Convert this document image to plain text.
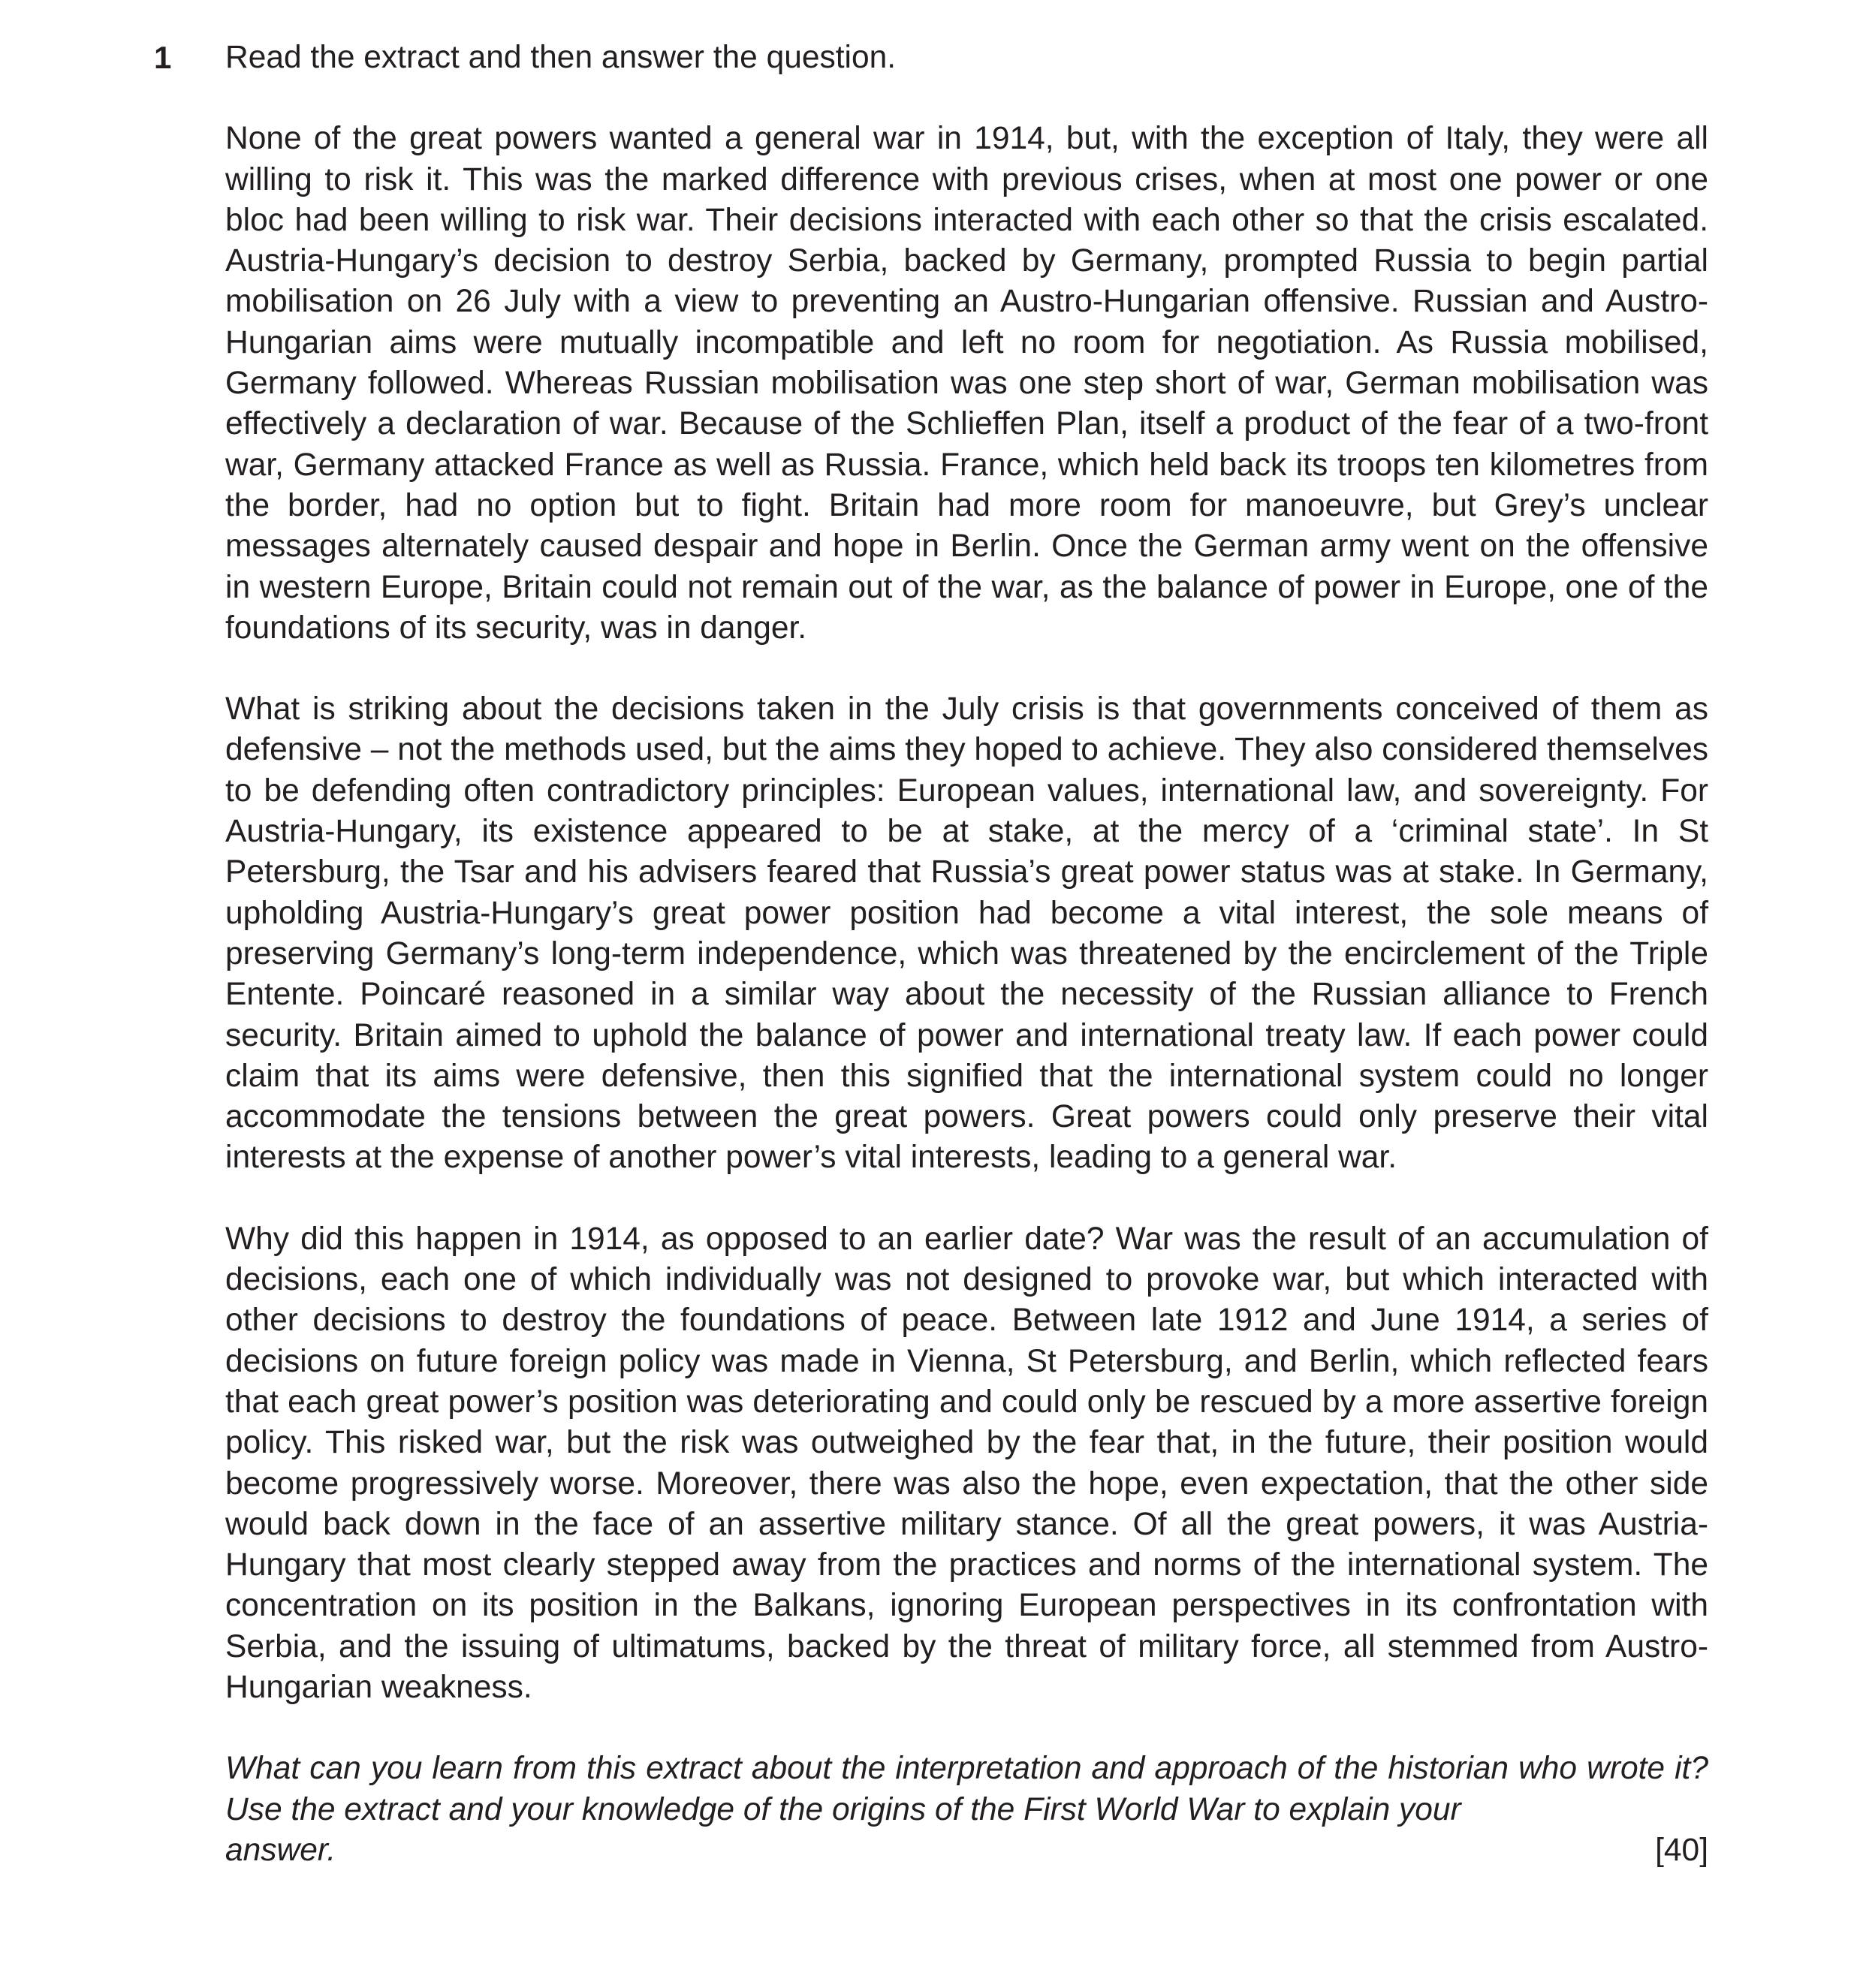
1 Read the extract and then answer the question.

None of the great powers wanted a general war in 1914, but, with the exception of Italy, they were all willing to risk it. This was the marked difference with previous crises, when at most one power or one bloc had been willing to risk war. Their decisions interacted with each other so that the crisis escalated. Austria-Hungary’s decision to destroy Serbia, backed by Germany, prompted Russia to begin partial mobilisation on 26 July with a view to preventing an Austro-Hungarian offensive. Russian and Austro-Hungarian aims were mutually incompatible and left no room for negotiation. As Russia mobilised, Germany followed. Whereas Russian mobilisation was one step short of war, German mobilisation was effectively a declaration of war. Because of the Schlieffen Plan, itself a product of the fear of a two-front war, Germany attacked France as well as Russia. France, which held back its troops ten kilometres from the border, had no option but to fight. Britain had more room for manoeuvre, but Grey’s unclear messages alternately caused despair and hope in Berlin. Once the German army went on the offensive in western Europe, Britain could not remain out of the war, as the balance of power in Europe, one of the foundations of its security, was in danger.

What is striking about the decisions taken in the July crisis is that governments conceived of them as defensive – not the methods used, but the aims they hoped to achieve. They also considered themselves to be defending often contradictory principles: European values, international law, and sovereignty. For Austria-Hungary, its existence appeared to be at stake, at the mercy of a ‘criminal state’. In St Petersburg, the Tsar and his advisers feared that Russia’s great power status was at stake. In Germany, upholding Austria-Hungary’s great power position had become a vital interest, the sole means of preserving Germany’s long-term independence, which was threatened by the encirclement of the Triple Entente. Poincaré reasoned in a similar way about the necessity of the Russian alliance to French security. Britain aimed to uphold the balance of power and international treaty law. If each power could claim that its aims were defensive, then this signified that the international system could no longer accommodate the tensions between the great powers. Great powers could only preserve their vital interests at the expense of another power’s vital interests, leading to a general war.

Why did this happen in 1914, as opposed to an earlier date? War was the result of an accumulation of decisions, each one of which individually was not designed to provoke war, but which interacted with other decisions to destroy the foundations of peace. Between late 1912 and June 1914, a series of decisions on future foreign policy was made in Vienna, St Petersburg, and Berlin, which reflected fears that each great power’s position was deteriorating and could only be rescued by a more assertive foreign policy. This risked war, but the risk was outweighed by the fear that, in the future, their position would become progressively worse. Moreover, there was also the hope, even expectation, that the other side would back down in the face of an assertive military stance. Of all the great powers, it was Austria-Hungary that most clearly stepped away from the practices and norms of the international system. The concentration on its position in the Balkans, ignoring European perspectives in its confrontation with Serbia, and the issuing of ultimatums, backed by the threat of military force, all stemmed from Austro-Hungarian weakness.

What can you learn from this extract about the interpretation and approach of the historian who wrote it? Use the extract and your knowledge of the origins of the First World War to explain your

answer.	[40]
